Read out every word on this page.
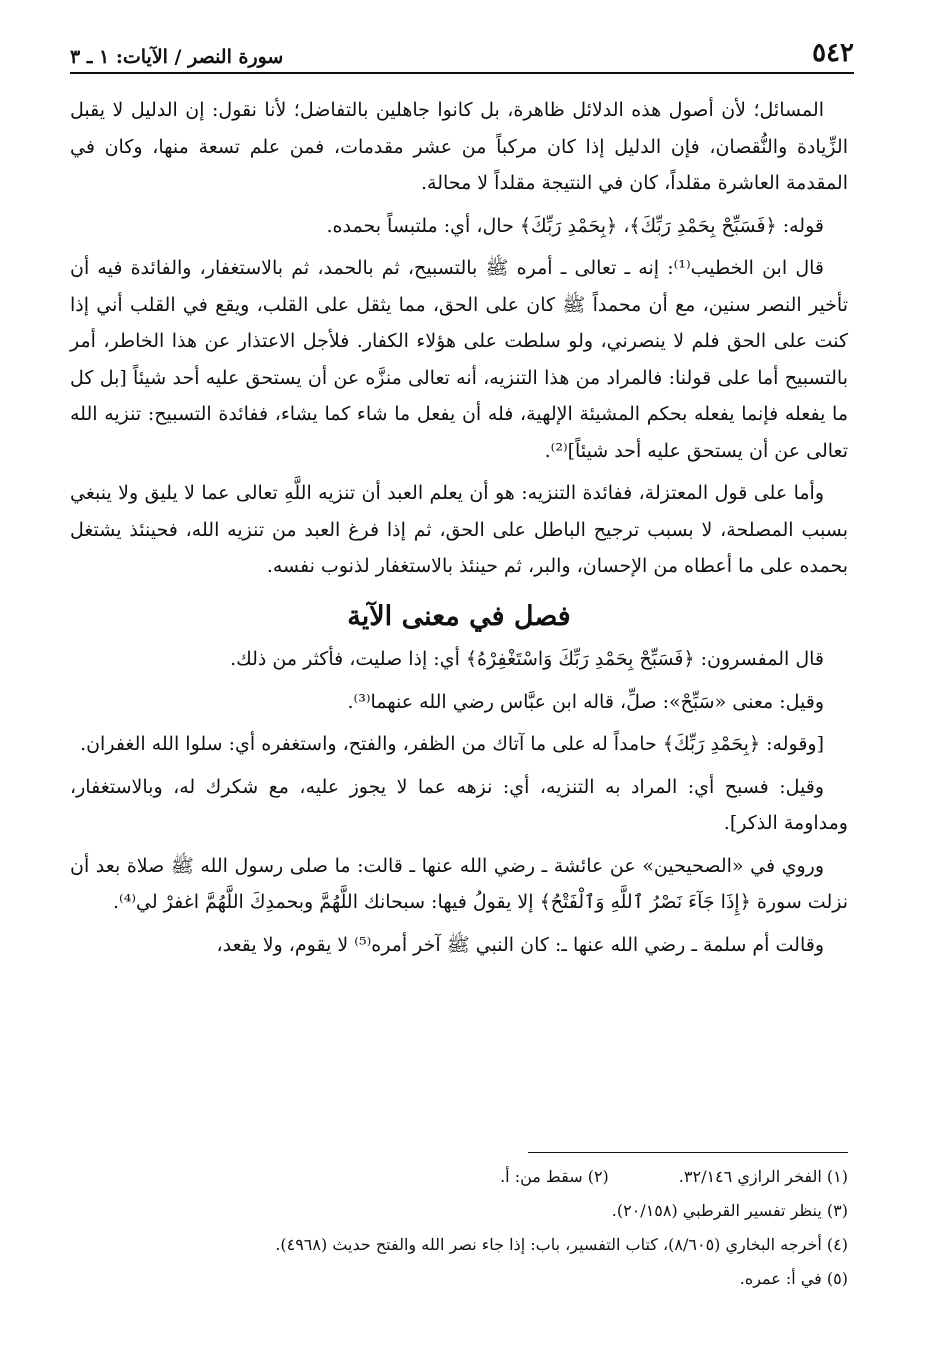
٥٤٢
سورة النصر / الآيات: ١ ـ ٣

المسائل؛ لأن أصول هذه الدلائل ظاهرة، بل كانوا جاهلين بالتفاضل؛ لأنا نقول: إن الدليل لا يقبل الزِّيادة والنُّقصان، فإن الدليل إذا كان مركباً من عشر مقدمات، فمن علم تسعة منها، وكان في المقدمة العاشرة مقلداً، كان في النتيجة مقلداً لا محالة.

قوله: ﴿فَسَبِّحْ بِحَمْدِ رَبِّكَ﴾، ﴿بِحَمْدِ رَبِّكَ﴾ حال، أي: ملتبساً بحمده.

قال ابن الخطيب⁽¹⁾: إنه ـ تعالى ـ أمره ﷺ بالتسبيح، ثم بالحمد، ثم بالاستغفار، والفائدة فيه أن تأخير النصر سنين، مع أن محمداً ﷺ كان على الحق، مما يثقل على القلب، ويقع في القلب أني إذا كنت على الحق فلم لا ينصرني، ولو سلطت على هؤلاء الكفار. فلأجل الاعتذار عن هذا الخاطر، أمر بالتسبيح أما على قولنا: فالمراد من هذا التنزيه، أنه تعالى منزَّه عن أن يستحق عليه أحد شيئاً [بل كل ما يفعله فإنما يفعله بحكم المشيئة الإلهية، فله أن يفعل ما شاء كما يشاء، ففائدة التسبيح: تنزيه الله تعالى عن أن يستحق عليه أحد شيئاً]⁽²⁾.

وأما على قول المعتزلة، ففائدة التنزيه: هو أن يعلم العبد أن تنزيه اللَّهِ تعالى عما لا يليق ولا ينبغي بسبب المصلحة، لا بسبب ترجيح الباطل على الحق، ثم إذا فرغ العبد من تنزيه الله، فحينئذ يشتغل بحمده على ما أعطاه من الإحسان، والبر، ثم حينئذ بالاستغفار لذنوب نفسه.

فصل في معنى الآية

قال المفسرون: ﴿فَسَبِّحْ بِحَمْدِ رَبِّكَ وَاسْتَغْفِرْهُ﴾ أي: إذا صليت، فأكثر من ذلك.

وقيل: معنى «سَبِّحْ»: صلِّ، قاله ابن عبَّاس رضي الله عنهما⁽³⁾.

[وقوله: ﴿بِحَمْدِ رَبِّكَ﴾ حامداً له على ما آتاك من الظفر، والفتح، واستغفره أي: سلوا الله الغفران.

وقيل: فسبح أي: المراد به التنزيه، أي: نزهه عما لا يجوز عليه، مع شكرك له، وبالاستغفار، ومداومة الذكر].

وروي في «الصحيحين» عن عائشة ـ رضي الله عنها ـ قالت: ما صلى رسول الله ﷺ صلاة بعد أن نزلت سورة ﴿إِذَا جَآءَ نَصْرُ ٱللَّهِ وَٱلْفَتْحُ﴾ إلا يقولُ فيها: سبحانك اللَّهُمَّ وبحمدِكَ اللَّهُمَّ اغفرْ لي⁽⁴⁾.

وقالت أم سلمة ـ رضي الله عنها ـ: كان النبي ﷺ آخر أمره⁽⁵⁾ لا يقوم، ولا يقعد،

(١) الفخر الرازي ٣٢/١٤٦.
(٢) سقط من: أ.
(٣) ينظر تفسير القرطبي (٢٠/١٥٨).
(٤) أخرجه البخاري (٨/٦٠٥)، كتاب التفسير، باب: إذا جاء نصر الله والفتح حديث (٤٩٦٨).
(٥) في أ: عمره.
